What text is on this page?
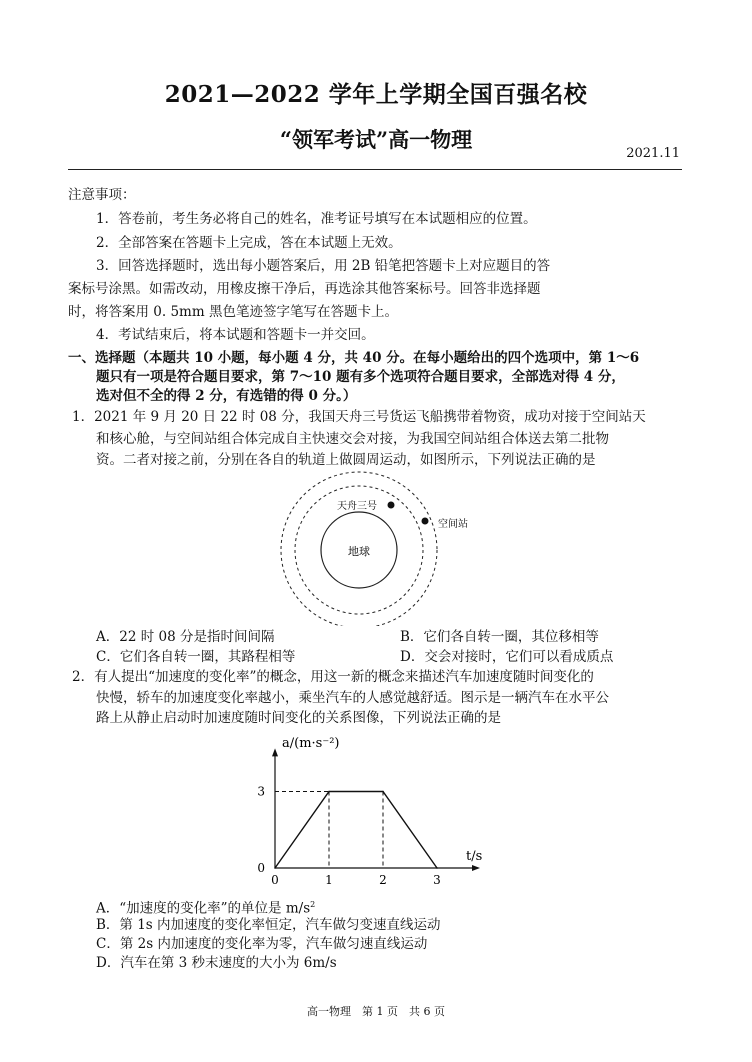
2021—2022 学年上学期全国百强名校
“领军考试”高一物理
2021.11
注意事项：
1．答卷前，考生务必将自己的姓名，准考证号填写在本试题相应的位置。
2．全部答案在答题卡上完成，答在本试题上无效。
3．回答选择题时，选出每小题答案后，用 2B 铅笔把答题卡上对应题目的答
案标号涂黑。如需改动，用橡皮擦干净后，再选涂其他答案标号。回答非选择题
时，将答案用 0. 5mm 黑色笔迹签字笔写在答题卡上。
4．考试结束后，将本试题和答题卡一并交回。
一、选择题（本题共 10 小题，每小题 4 分，共 40 分。在每小题给出的四个选项中，第 1～6
题只有一项是符合题目要求，第 7～10 题有多个选项符合题目要求，全部选对得 4 分，
选对但不全的得 2 分，有选错的得 0 分。）
1．2021 年 9 月 20 日 22 时 08 分，我国天舟三号货运飞船携带着物资，成功对接于空间站天
和核心舱，与空间站组合体完成自主快速交会对接，为我国空间站组合体送去第二批物
资。二者对接之前，分别在各自的轨道上做圆周运动，如图所示，下列说法正确的是
地球
天舟三号
空间站
A．22 时 08 分是指时间间隔	B．它们各自转一圈，其位移相等
C．它们各自转一圈，其路程相等	D．交会对接时，它们可以看成质点
2．有人提出“加速度的变化率”的概念，用这一新的概念来描述汽车加速度随时间变化的
快慢，轿车的加速度变化率越小，乘坐汽车的人感觉越舒适。图示是一辆汽车在水平公
路上从静止启动时加速度随时间变化的关系图像，下列说法正确的是
0	1	2	3
0
3
a/(m·s⁻²)
t/s
A．“加速度的变化率”的单位是 $m/s^2$
B．第 1s 内加速度的变化率恒定，汽车做匀变速直线运动
C．第 2s 内加速度的变化率为零，汽车做匀速直线运动
D．汽车在第 3 秒末速度的大小为 6m/s
高一物理　第 1 页　共 6 页
